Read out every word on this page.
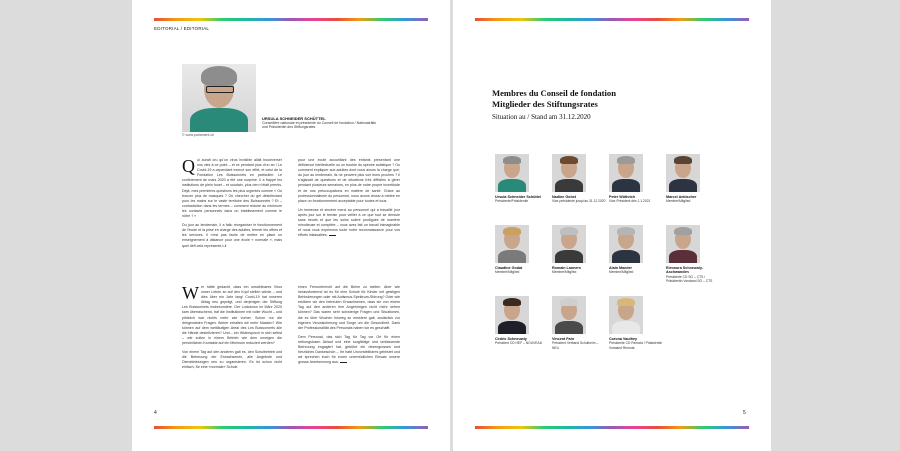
EDITORIAL / EDITORIAL
© www.parlament.ch
URSULA SCHNEIDER SCHÜTTEL
Conseillère nationale et présidente du Conseil de fondation / Nationalrätin und Präsidentin des Stiftungsrates
Q ui aurait cru qu’un virus invisible allait bouleverser nos vies à ce point – et ce pendant plus d’un an ! Le Covid-19 a cependant exercé son effet, et celui de la Fondation Les Buissonnets en particulier. Le confinement de mars 2020 a été une surprise. Il a frappé les institutions de plein fouet – et soudain, plus rien n’était permis. Déjà, mes premières questions les plus urgentes comme « Où trouver plus de masques ? Où chercher du gel désinfectant pour les mains sur le vaste territoire des Buissonnets ? Et – contradiction dans les termes – comment réduire au minimum les contacts personnels dans un établissement comme le nôtre ? »
Du jour au lendemain, il a fallu réorganiser le fonctionnement de l’école et la prise en charge des adultes, fermer les offres et les services. Il n’est pas facile de mettre en place un enseignement à distance pour une école « normale », mais quel défi cela représente-t-il
pour une école accueillant des enfants présentant une déficience intellectuelle ou un trouble du spectre autistique ? Ou comment expliquer aux adultes dont nous avons la charge que, du jour au lendemain, ils ne peuvent plus voir leurs proches ? Il s’agissait de questions et de situations très difficiles à gérer pendant plusieurs semaines, en plus de notre propre incertitude et de nos préoccupations en matière de santé. Grâce au professionnalisme du personnel, nous avons réussi à mettre en place un fonctionnement acceptable pour toutes et tous.
Un immense et sincère merci au personnel qui a travaillé jour après jour sur le terrain pour veiller à ce que tout se déroule sans heurts et que les soins soient prodigués de manière minutieuse et complète – vous avez fait un travail inimaginable et nous vous exprimons toute notre reconnaissance pour vos efforts inlassables.
W er hätte gedacht, dass ein unsichtbares Virus unser Leben so auf den Kopf stellen würde – und dies über ein Jahr lang! Covid-19 hat unseren Alltag neu geprägt, und derjenigen der Stiftung Les Buissonnets insbesondere. Der Lockdown im März 2020 kam überraschend, traf die Institutionen mit voller Wucht – und plötzlich war nichts mehr wie vorher. Schon nur die dringendsten Fragen: Woher erhalten wir mehr Masken? Wie können auf dem weitläufigen Areal des Les Buissonnets alle die Hände desinfizieren? Und – ein Widerspruch in sich selbst – wie sollen in einem Betrieb wie dem unsrigen die persönlichen Kontakte auf ein Minimum reduziert werden?
Von einem Tag auf den anderen galt es, den Schulbetrieb und die Betreuung der Erwachsenen, alle Angebote und Dienstleistungen neu zu organisieren. Es ist schon nicht einfach, für eine «normale» Schule
einen Fernunterricht auf die Beine zu stellen. Aber wie herausfordernd ist es für eine Schule für Kinder mit geistigen Behinderungen oder mit Autismus-Spektrum-Störung? Oder wie erklären wir den betreuten Erwachsenen, dass sie von einem Tag auf den anderen ihre Angehörigen nicht mehr sehen können? Das waren sehr schwierige Fragen und Situationen, die es über Wochen hinweg zu meistern galt, zusätzlich zur eigenen Verunsicherung und Sorge um die Gesundheit. Dank der Professionalität des Personals haben wir es geschafft.
Dem Personal, das sich Tag für Tag vor Ort für einen reibungslosen Ablauf und eine sorgfältige und umfassende Betreuung engagiert hat, gebührt ein riesengrosses und herzliches Dankeschön – Ihr habt Unvorstellbares geleistet und wir sprechen euch für euren unermüdlichen Einsatz unsere grosse Anerkennung aus.
4
Membres du Conseil de fondation
Mitglieder des Stiftungsrates
Situation au / Stand am 31.12.2020
Ursula Schneider Schüttel
Présidente/Präsidentin
Nadine Gobet
Vice-présidente jusqu’au 31.12.2020
Peter Wüthrich
Vice-Président dès 1.1.2021
Marcel Aebischer
Membre/Mitglied
Claudine Godat
Membre/Mitglied
Romain Lanners
Membre/Mitglied
Alain Maeder
Membre/Mitglied
Eleonora Schneuwly-Aschwanden
Présidente CD SO – CTS / Präsidentin Vorstand SO – CTS
Cédric Schneuwly
Président CD HEF – NOUVEAU
Vincent Fahr
Président Verband Schulheim – NEU
Corona Vauthey
Présidente CD Remota / Präsidentin Vorstand Remota
5
